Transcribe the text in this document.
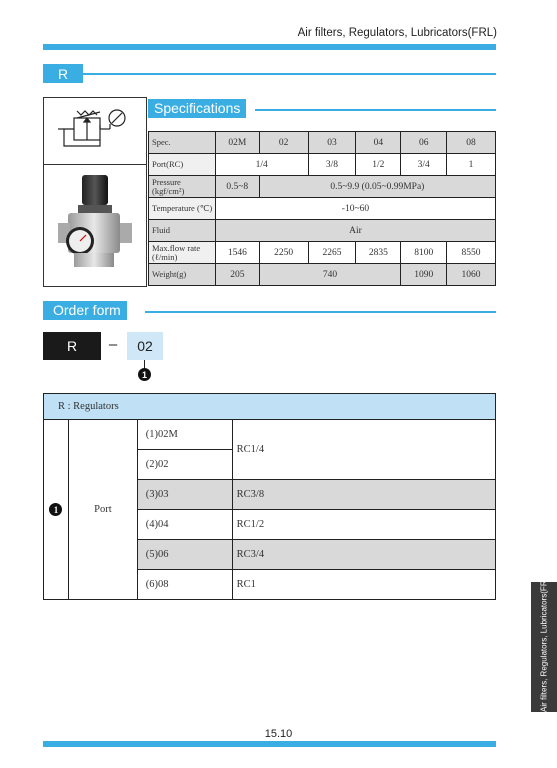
Air filters, Regulators, Lubricators(FRL)
R
Specifications
Spec.	02M	02	03	04	06	08
Port(RC)	1/4		3/8	1/2	3/4	1
Pressure (kgf/cm²)	0.5~8	0.5~9.9 (0.05~0.99MPa)				
Temperature (℃)	-10~60					
Fluid	Air					
Max.flow rate (ℓ/min)	1546	2250	2265	2835	8100	8550
Weight(g)	205	740			1090	1060
Order form
R	–	02
1
R : Regulators			

1	Port	(1)02M	RC1/4
		(2)02	
		(3)03	RC3/8
		(4)04	RC1/2
		(5)06	RC3/4
		(6)08	RC1	Air filters, Regulators, Lubricators(FRL)
15.10
